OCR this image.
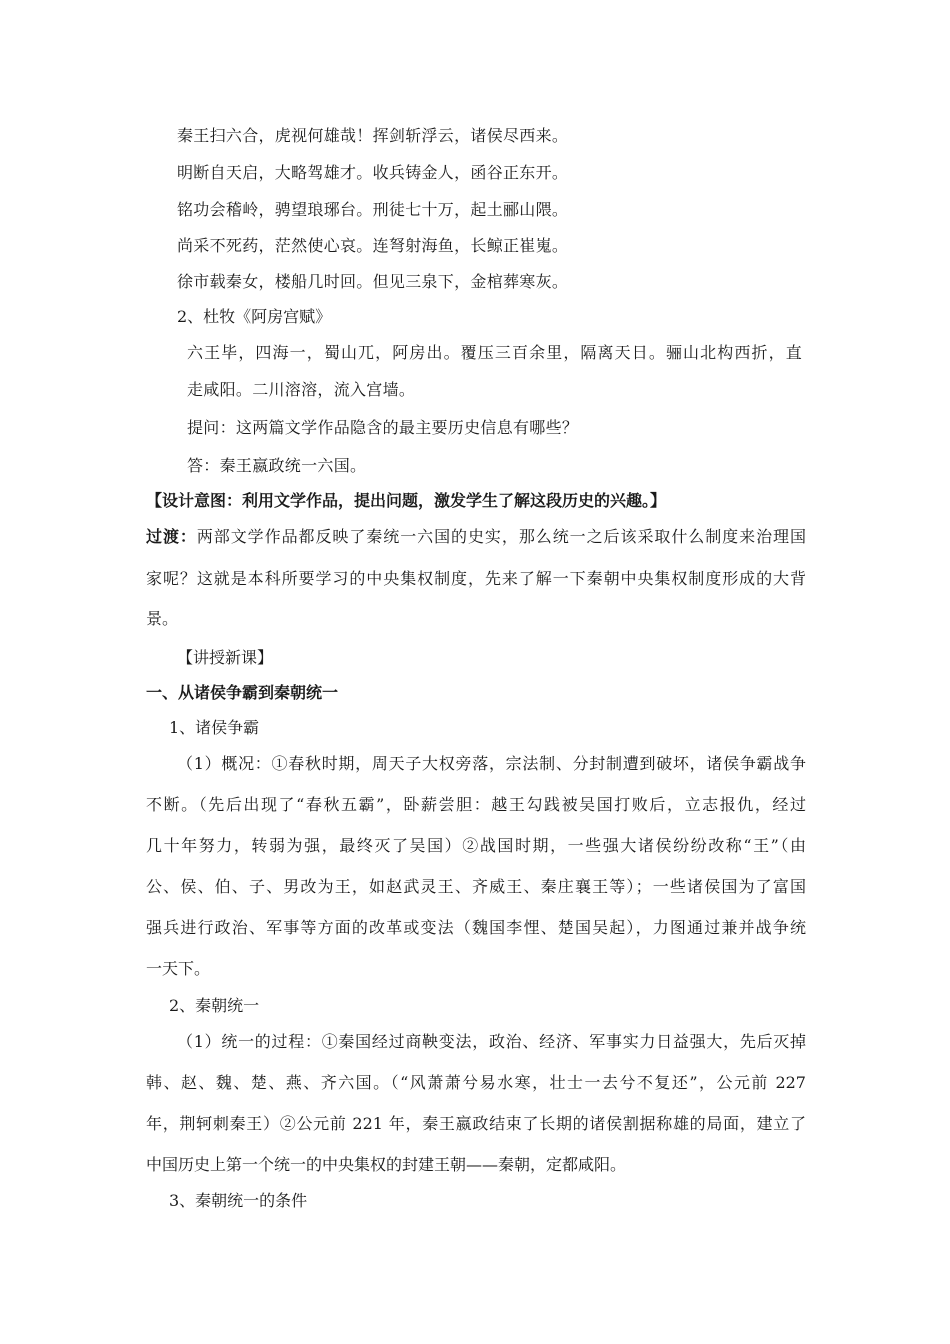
秦王扫六合，虎视何雄哉！挥剑斩浮云，诸侯尽西来。
明断自天启，大略驾雄才。收兵铸金人，函谷正东开。
铭功会稽岭，骋望琅琊台。刑徒七十万，起土郦山隈。
尚采不死药，茫然使心哀。连弩射海鱼，长鲸正崔嵬。
徐市载秦女，楼船几时回。但见三泉下，金棺葬寒灰。
2、杜牧《阿房宫赋》
六王毕，四海一，蜀山兀，阿房出。覆压三百余里，隔离天日。骊山北构西折，直
走咸阳。二川溶溶，流入宫墙。
提问：这两篇文学作品隐含的最主要历史信息有哪些？
答：秦王嬴政统一六国。
【设计意图：利用文学作品，提出问题，激发学生了解这段历史的兴趣。】
过渡：两部文学作品都反映了秦统一六国的史实，那么统一之后该采取什么制度来治理国
家呢？这就是本科所要学习的中央集权制度，先来了解一下秦朝中央集权制度形成的大背
景。
【讲授新课】
一、从诸侯争霸到秦朝统一
1、诸侯争霸
（1）概况：①春秋时期，周天子大权旁落，宗法制、分封制遭到破坏，诸侯争霸战争
不断。（先后出现了“春秋五霸”，卧薪尝胆：越王勾践被吴国打败后，立志报仇，经过
几十年努力，转弱为强，最终灭了吴国）②战国时期，一些强大诸侯纷纷改称“王”（由
公、侯、伯、子、男改为王，如赵武灵王、齐威王、秦庄襄王等）；一些诸侯国为了富国
强兵进行政治、军事等方面的改革或变法（魏国李悝、楚国吴起），力图通过兼并战争统
一天下。
2、秦朝统一
（1）统一的过程：①秦国经过商鞅变法，政治、经济、军事实力日益强大，先后灭掉
韩、赵、魏、楚、燕、齐六国。（“风萧萧兮易水寒，壮士一去兮不复还”，公元前 227
年，荆轲刺秦王）②公元前 221 年，秦王嬴政结束了长期的诸侯割据称雄的局面，建立了
中国历史上第一个统一的中央集权的封建王朝——秦朝，定都咸阳。
3、秦朝统一的条件
